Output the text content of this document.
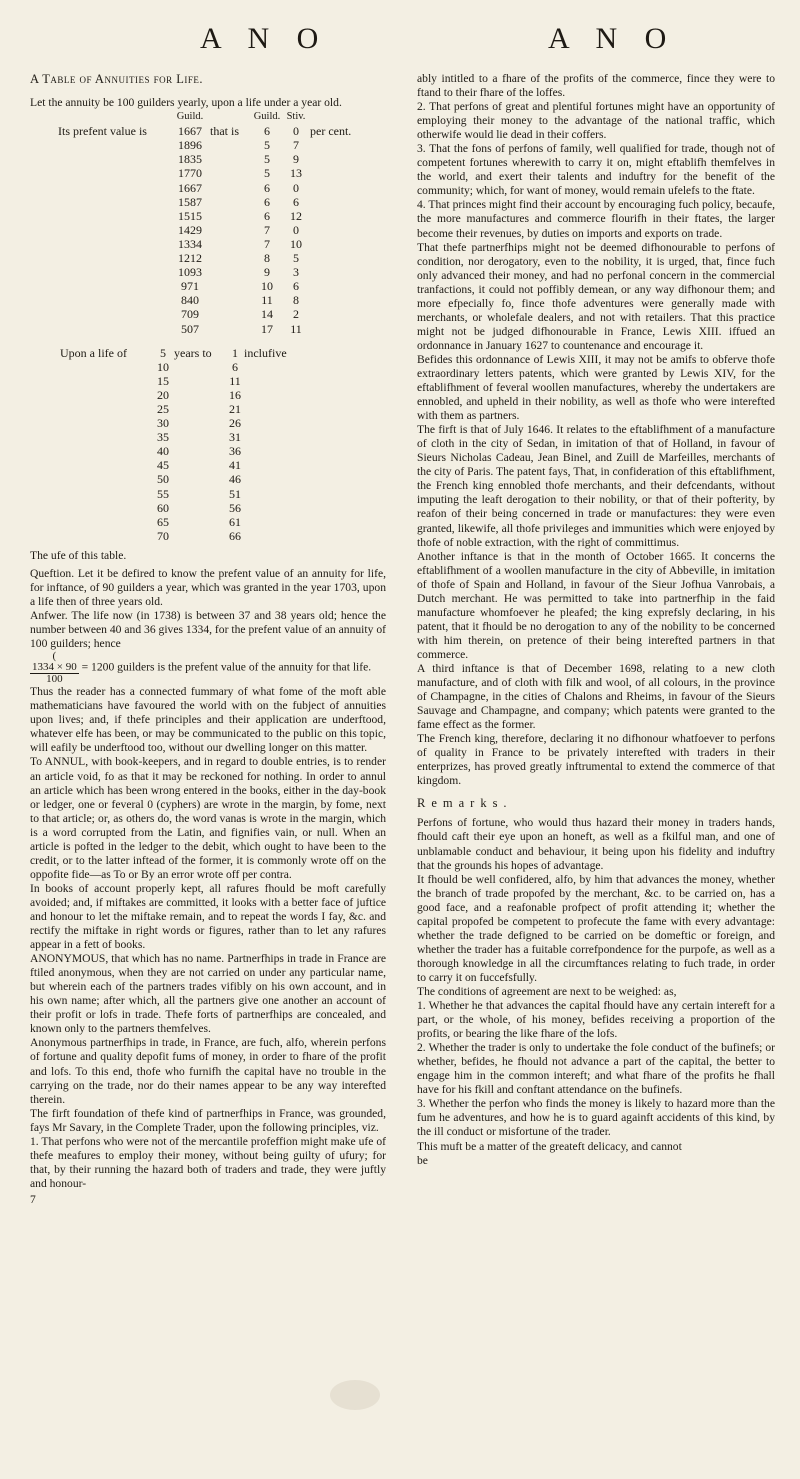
A N O	A N O

A Table of Annuities for Life.

Let the annuity be 100 guilders yearly, upon a life under a year old.

	Guild.		Guild.	Stiv.	
Its prefent value is	1667	that is	6	0	per cent.
	1896		5	7	
	1835		5	9	
	1770		5	13	
	1667		6	0	
	1587		6	6	
	1515		6	12	
	1429		7	0	
	1334		7	10	
	1212		8	5	
	1093		9	3	
	971		10	6	
	840		11	8	
	709		14	2	
	507		17	11	
Upon a life of	5	years to	1	inclufive
	10		6	
	15		11	
	20		16	
	25		21	
	30		26	
	35		31	
	40		36	
	45		41	
	50		46	
	55		51	
	60		56	
	65		61	
	70		66	

The ufe of this table.

Queftion. Let it be defired to know the prefent value of an annuity for life, for inftance, of 90 guilders a year, which was granted in the year 1703, upon a life then of three years old.

Anfwer. The life now (in 1738) is between 37 and 38 years old; hence the number between 40 and 36 gives 1334, for the prefent value of an annuity of 100 guilders; hence

(
1334 × 90
100
= 1200 guilders is the prefent value of the annuity for that life.

Thus the reader has a connected fummary of what fome of the moft able mathematicians have favoured the world with on the fubject of annuities upon lives; and, if thefe principles and their application are underftood, whatever elfe has been, or may be communicated to the public on this topic, will eafily be underftood too, without our dwelling longer on this matter.

To ANNUL, with book-keepers, and in regard to double entries, is to render an article void, fo as that it may be reckoned for nothing. In order to annul an article which has been wrong entered in the books, either in the day-book or ledger, one or feveral 0 (cyphers) are wrote in the margin, by fome, next to that article; or, as others do, the word vanas is wrote in the margin, which is a word corrupted from the Latin, and fignifies vain, or null. When an article is pofted in the ledger to the debit, which ought to have been to the credit, or to the latter inftead of the former, it is commonly wrote off on the oppofite fide—as To or By an error wrote off per contra.

In books of account properly kept, all rafures fhould be moft carefully avoided; and, if miftakes are committed, it looks with a better face of juftice and honour to let the miftake remain, and to repeat the words I fay, &c. and rectify the miftake in right words or figures, rather than to let any rafures appear in a fett of books.

ANONYMOUS, that which has no name. Partnerfhips in trade in France are ftiled anonymous, when they are not carried on under any particular name, but wherein each of the partners trades vifibly on his own account, and in his own name; after which, all the partners give one another an account of their profit or lofs in trade. Thefe forts of partnerfhips are concealed, and known only to the partners themfelves.

Anonymous partnerfhips in trade, in France, are fuch, alfo, wherein perfons of fortune and quality depofit fums of money, in order to fhare of the profit and lofs. To this end, thofe who furnifh the capital have no trouble in the carrying on the trade, nor do their names appear to be any way interefted therein.

The firft foundation of thefe kind of partnerfhips in France, was grounded, fays Mr Savary, in the Complete Trader, upon the following principles, viz.

1. That perfons who were not of the mercantile profeffion might make ufe of thefe meafures to employ their money, without being guilty of ufury; for that, by their running the hazard both of traders and trade, they were juftly and honour-

7

ably intitled to a fhare of the profits of the commerce, fince they were to ftand to their fhare of the loffes.

2. That perfons of great and plentiful fortunes might have an opportunity of employing their money to the advantage of the national traffic, which otherwife would lie dead in their coffers.

3. That the fons of perfons of family, well qualified for trade, though not of competent fortunes wherewith to carry it on, might eftablifh themfelves in the world, and exert their talents and induftry for the benefit of the community; which, for want of money, would remain ufelefs to the ftate.

4. That princes might find their account by encouraging fuch policy, becaufe, the more manufactures and commerce flourifh in their ftates, the larger become their revenues, by duties on imports and exports on trade.

That thefe partnerfhips might not be deemed difhonourable to perfons of condition, nor derogatory, even to the nobility, it is urged, that, fince fuch only advanced their money, and had no perfonal concern in the commercial tranfactions, it could not poffibly demean, or any way difhonour them; and more efpecially fo, fince thofe adventures were generally made with merchants, or wholefale dealers, and not with retailers. That this practice might not be judged difhonourable in France, Lewis XIII. iffued an ordonnance in January 1627 to countenance and encourage it.

Befides this ordonnance of Lewis XIII, it may not be amifs to obferve thofe extraordinary letters patents, which were granted by Lewis XIV, for the eftablifhment of feveral woollen manufactures, whereby the undertakers are ennobled, and upheld in their nobility, as well as thofe who were interefted with them as partners.

The firft is that of July 1646. It relates to the eftablifhment of a manufacture of cloth in the city of Sedan, in imitation of that of Holland, in favour of Sieurs Nicholas Cadeau, Jean Binel, and Zuill de Marfeilles, merchants of the city of Paris. The patent fays, That, in confideration of this eftablifhment, the French king ennobled thofe merchants, and their defcendants, without imputing the leaft derogation to their nobility, or that of their pofterity, by reafon of their being concerned in trade or manufactures: they were even granted, likewife, all thofe privileges and immunities which were enjoyed by thofe of noble extraction, with the right of committimus.

Another inftance is that in the month of October 1665. It concerns the eftablifhment of a woollen manufacture in the city of Abbeville, in imitation of thofe of Spain and Holland, in favour of the Sieur Jofhua Vanrobais, a Dutch merchant. He was permitted to take into partnerfhip in the faid manufacture whomfoever he pleafed; the king exprefsly declaring, in his patent, that it fhould be no derogation to any of the nobility to be concerned with him therein, on pretence of their being interefted partners in that commerce.

A third inftance is that of December 1698, relating to a new cloth manufacture, and of cloth with filk and wool, of all colours, in the province of Champagne, in the cities of Chalons and Rheims, in favour of the Sieurs Sauvage and Champagne, and company; which patents were granted to the fame effect as the former.

The French king, therefore, declaring it no difhonour whatfoever to perfons of quality in France to be privately interefted with traders in their enterprizes, has proved greatly inftrumental to extend the commerce of that kingdom.

Remarks.

Perfons of fortune, who would thus hazard their money in traders hands, fhould caft their eye upon an honeft, as well as a fkilful man, and one of unblamable conduct and behaviour, it being upon his fidelity and induftry that the grounds his hopes of advantage.

It fhould be well confidered, alfo, by him that advances the money, whether the branch of trade propofed by the merchant, &c. to be carried on, has a good face, and a reafonable profpect of profit attending it; whether the capital propofed be competent to profecute the fame with every advantage: whether the trade defigned to be carried on be domeftic or foreign, and whether the trader has a fuitable correfpondence for the purpofe, as well as a thorough knowledge in all the circumftances relating to fuch trade, in order to carry it on fuccefsfully.

The conditions of agreement are next to be weighed: as,

1. Whether he that advances the capital fhould have any certain intereft for a part, or the whole, of his money, befides receiving a proportion of the profits, or bearing the like fhare of the lofs.

2. Whether the trader is only to undertake the fole conduct of the bufinefs; or whether, befides, he fhould not advance a part of the capital, the better to engage him in the common intereft; and what fhare of the profits he fhall have for his fkill and conftant attendance on the bufinefs.

3. Whether the perfon who finds the money is likely to hazard more than the fum he adventures, and how he is to guard againft accidents of this kind, by the ill conduct or misfortune of the trader.

This muft be a matter of the greateft delicacy, and cannot

be
